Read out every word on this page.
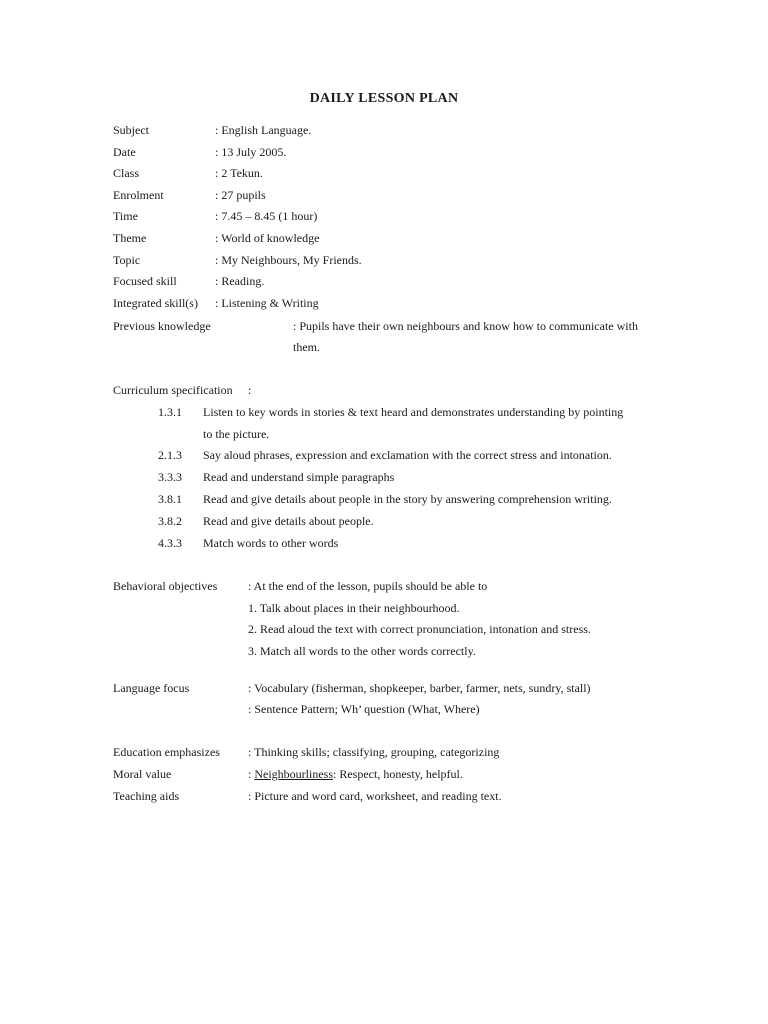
DAILY LESSON PLAN
Subject	: English Language.
Date	: 13 July 2005.
Class	: 2 Tekun.
Enrolment	: 27 pupils
Time	: 7.45 – 8.45 (1 hour)
Theme	: World of knowledge
Topic	: My Neighbours, My Friends.
Focused skill	: Reading.
Integrated skill(s) : Listening & Writing
Previous knowledge	: Pupils have their own neighbours and know how to communicate with
them.
Curriculum specification :
1.3.1 Listen to key words in stories & text heard and demonstrates understanding by pointing
to the picture.
2.1.3 Say aloud phrases, expression and exclamation with the correct stress and intonation.
3.3.3 Read and understand simple paragraphs
3.8.1 Read and give details about people in the story by answering comprehension writing.
3.8.2 Read and give details about people.
4.3.3 Match words to other words
Behavioral objectives	: At the end of the lesson, pupils should be able to
1. Talk about places in their neighbourhood.
2. Read aloud the text with correct pronunciation, intonation and stress.
3. Match all words to the other words correctly.
Language focus	: Vocabulary (fisherman, shopkeeper, barber, farmer, nets, sundry, stall)
: Sentence Pattern; Wh’ question (What, Where)
Education emphasizes : Thinking skills; classifying, grouping, categorizing
Moral value	: Neighbourliness: Respect, honesty, helpful.
Teaching aids	: Picture and word card, worksheet, and reading text.
